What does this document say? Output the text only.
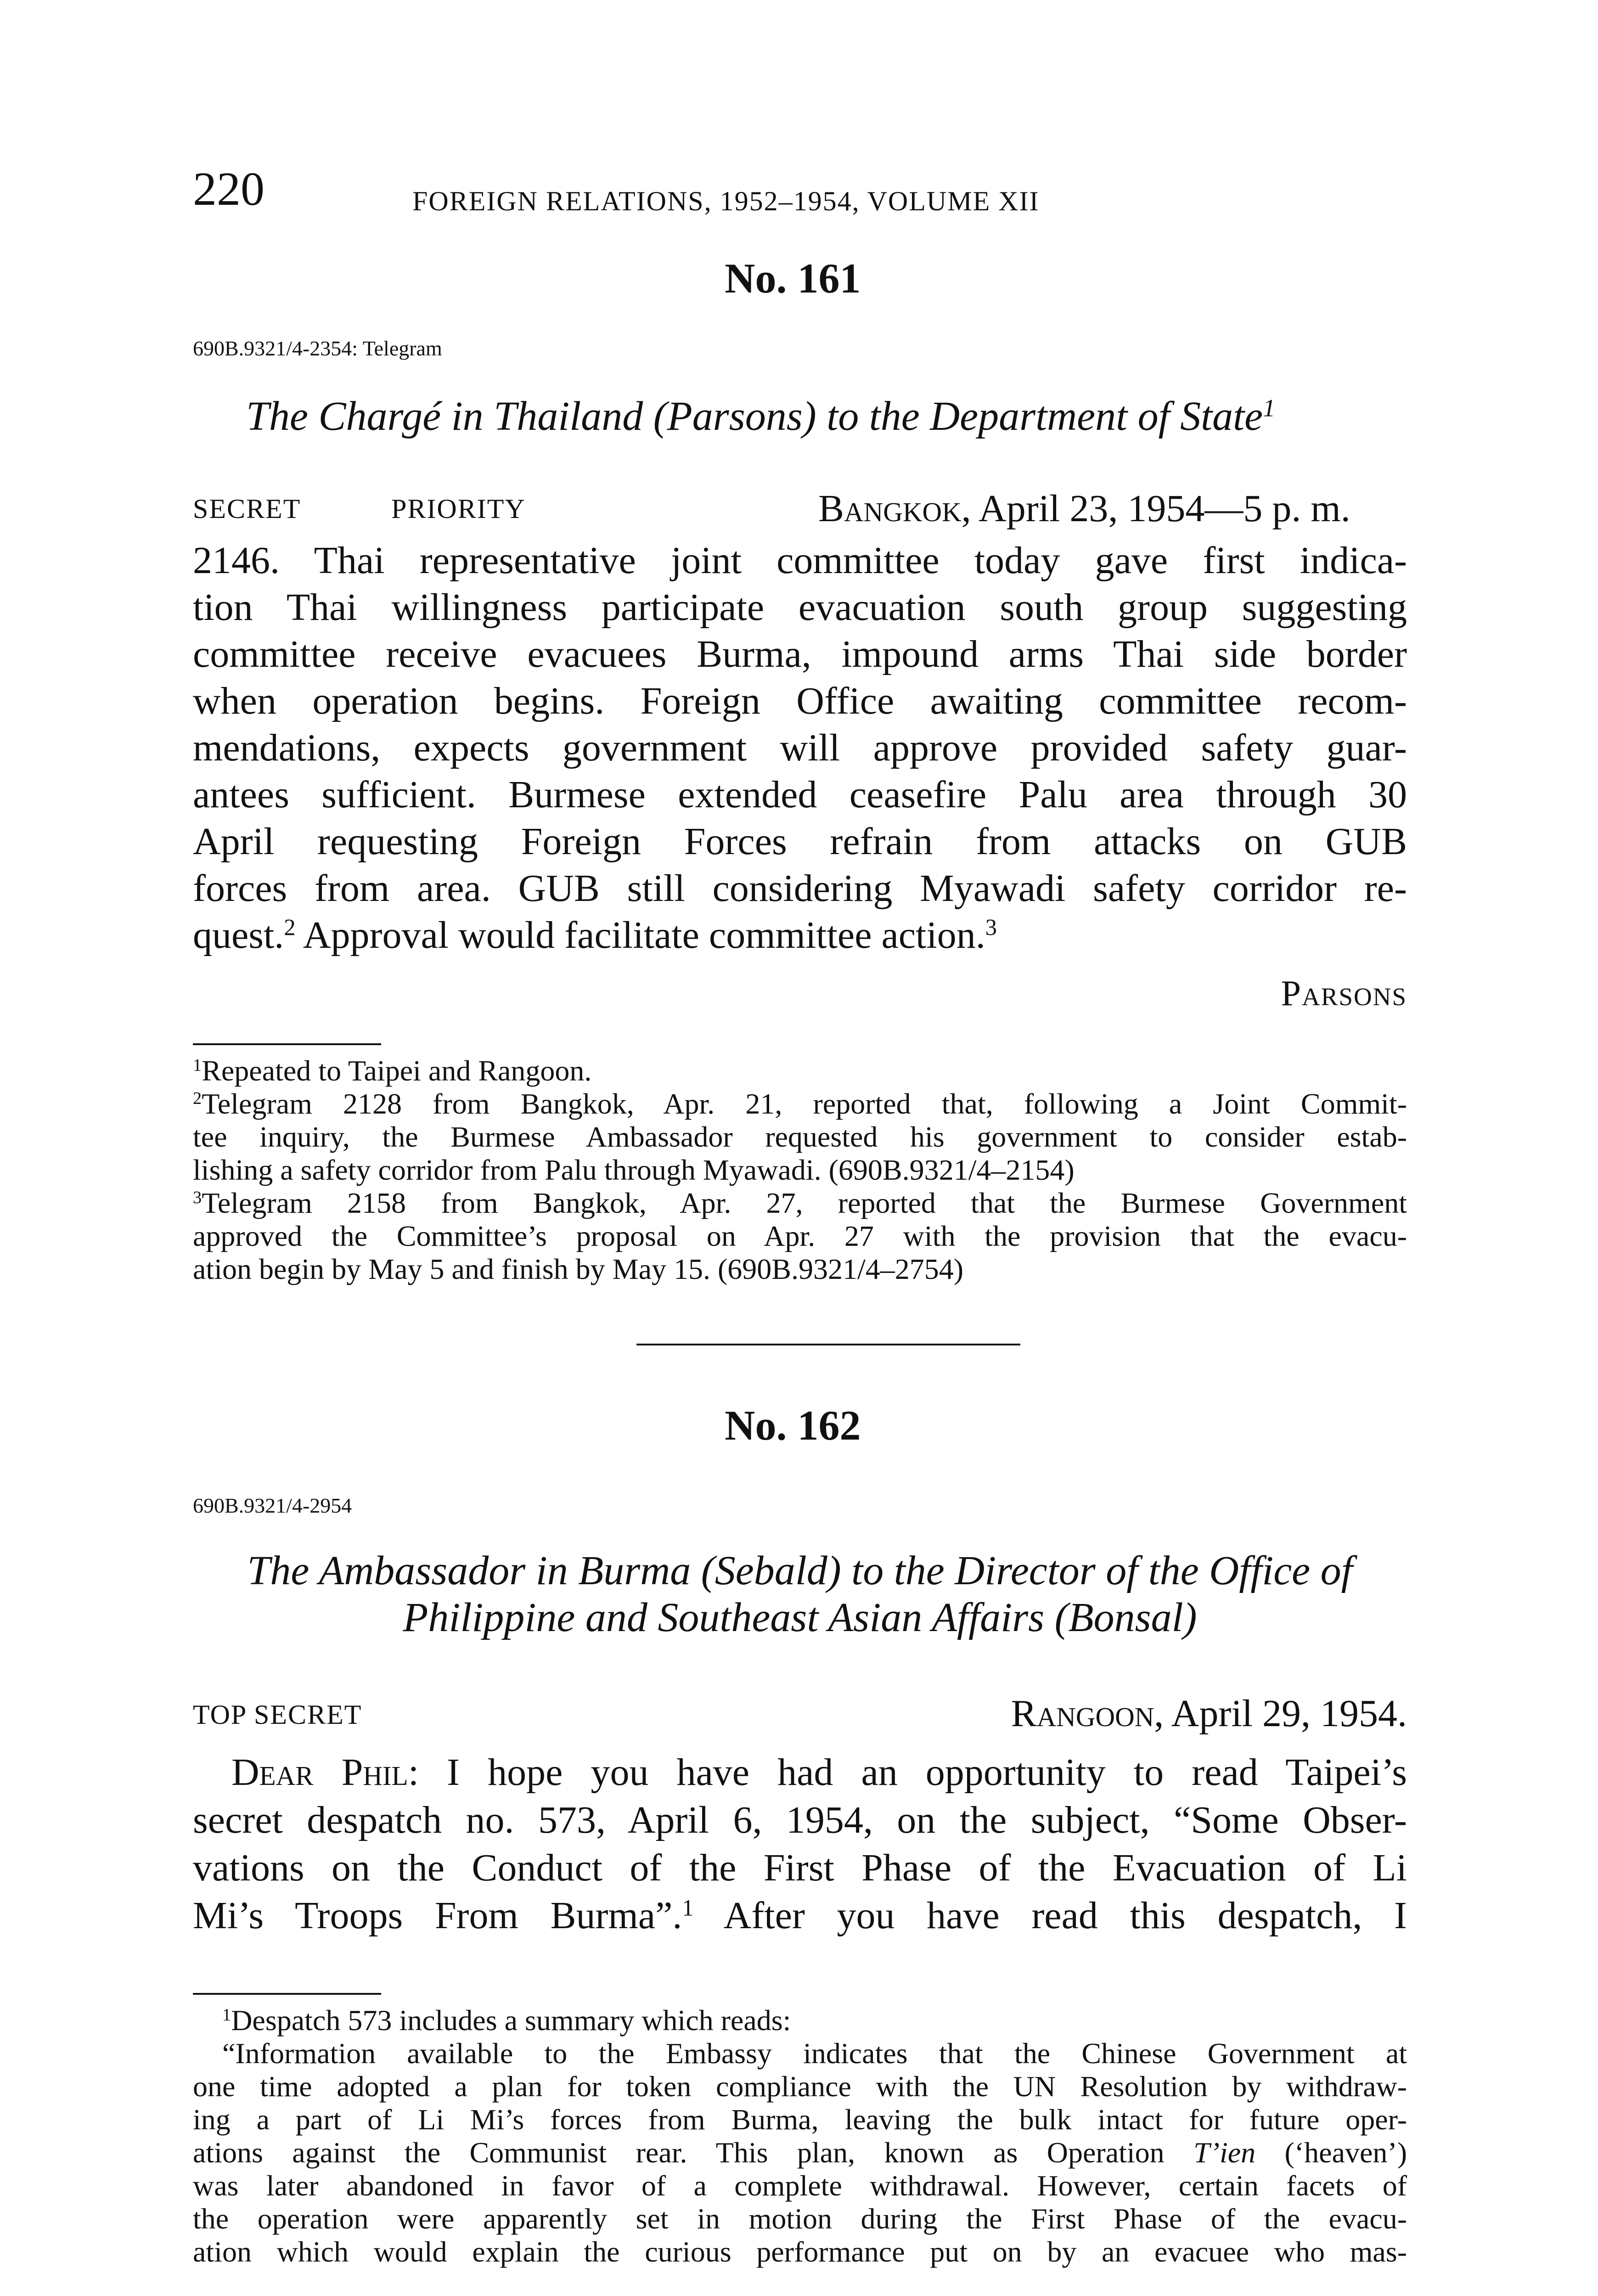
220	FOREIGN RELATIONS, 1952–1954, VOLUME XII
No. 161
690B.9321/4-2354: Telegram
The Chargé in Thailand (Parsons) to the Department of State$^1$
SECRET	PRIORITY	Bangkok, April 23, 1954—5 p. m.
2146. Thai representative joint committee today gave first indica-
tion Thai willingness participate evacuation south group suggesting
committee receive evacuees Burma, impound arms Thai side border
when operation begins. Foreign Office awaiting committee recom-
mendations, expects government will approve provided safety guar-
antees sufficient. Burmese extended ceasefire Palu area through 30
April requesting Foreign Forces refrain from attacks on GUB
forces from area. GUB still considering Myawadi safety corridor re-
quest.$^2$ Approval would facilitate committee action.$^3$
Parsons
$^1$Repeated to Taipei and Rangoon.
$^2$Telegram 2128 from Bangkok, Apr. 21, reported that, following a Joint Commit-
tee inquiry, the Burmese Ambassador requested his government to consider estab-
lishing a safety corridor from Palu through Myawadi. (690B.9321/4–2154)
$^3$Telegram 2158 from Bangkok, Apr. 27, reported that the Burmese Government
approved the Committee’s proposal on Apr. 27 with the provision that the evacu-
ation begin by May 5 and finish by May 15. (690B.9321/4–2754)
No. 162
690B.9321/4-2954
The Ambassador in Burma (Sebald) to the Director of the Office of
Philippine and Southeast Asian Affairs (Bonsal)
TOP SECRET	Rangoon, April 29, 1954.
Dear Phil: I hope you have had an opportunity to read Taipei’s
secret despatch no. 573, April 6, 1954, on the subject, “Some Obser-
vations on the Conduct of the First Phase of the Evacuation of Li
Mi’s Troops From Burma”.$^1$ After you have read this despatch, I
$^1$Despatch 573 includes a summary which reads:
“Information available to the Embassy indicates that the Chinese Government at
one time adopted a plan for token compliance with the UN Resolution by withdraw-
ing a part of Li Mi’s forces from Burma, leaving the bulk intact for future oper-
ations against the Communist rear. This plan, known as Operation T’ien (‘heaven’)
was later abandoned in favor of a complete withdrawal. However, certain facets of
the operation were apparently set in motion during the First Phase of the evacu-
ation which would explain the curious performance put on by an evacuee who mas-
